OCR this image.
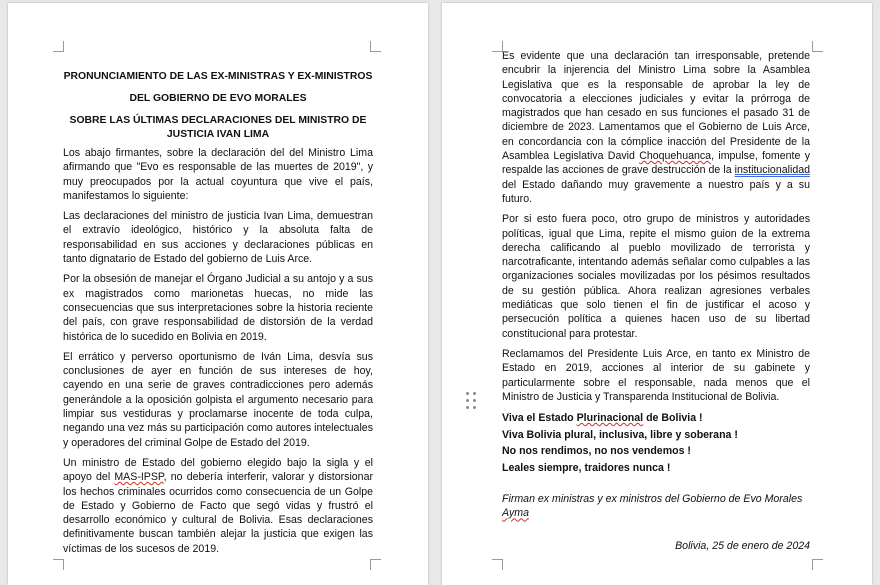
PRONUNCIAMIENTO DE LAS EX-MINISTRAS Y EX-MINISTROS
DEL GOBIERNO DE EVO MORALES
SOBRE LAS ÚLTIMAS DECLARACIONES DEL MINISTRO DE JUSTICIA IVAN LIMA

Los abajo firmantes, sobre la declaración del del Ministro Lima afirmando que "Evo es responsable de las muertes de 2019", y muy preocupados por la actual coyuntura que vive el país, manifestamos lo siguiente:

Las declaraciones del ministro de justicia Ivan Lima, demuestran el extravío ideológico, histórico y la absoluta falta de responsabilidad en sus acciones y declaraciones públicas en tanto dignatario de Estado del gobierno de Luis Arce.

Por la obsesión de manejar el Órgano Judicial a su antojo y a sus ex magistrados como marionetas huecas, no mide las consecuencias que sus interpretaciones sobre la historia reciente del país, con grave responsabilidad de distorsión de la verdad histórica de lo sucedido en Bolivia en 2019.

El errático y perverso oportunismo de Iván Lima, desvía sus conclusiones de ayer en función de sus intereses de hoy, cayendo en una serie de graves contradicciones pero además generándole a la oposición golpista el argumento necesario para limpiar sus vestiduras y proclamarse inocente de toda culpa, negando una vez más su participación como autores intelectuales y operadores del criminal Golpe de Estado del 2019.

Un ministro de Estado del gobierno elegido bajo la sigla y el apoyo del MAS-IPSP, no debería interferir, valorar y distorsionar los hechos criminales ocurridos como consecuencia de un Golpe de Estado y Gobierno de Facto que segó vidas y frustró el desarrollo económico y cultural de Bolivia. Esas declaraciones definitivamente buscan también alejar la justicia que exigen las víctimas de los sucesos de 2019.

Es evidente que una declaración tan irresponsable, pretende encubrir la injerencia del Ministro Lima sobre la Asamblea Legislativa que es la responsable de aprobar la ley de convocatoria a elecciones judiciales y evitar la prórroga de magistrados que han cesado en sus funciones el pasado 31 de diciembre de 2023. Lamentamos que el Gobierno de Luis Arce, en concordancia con la cómplice inacción del Presidente de la Asamblea Legislativa David Choquehuanca, impulse, fomente y respalde las acciones de grave destrucción de la institucionalidad del Estado dañando muy gravemente a nuestro país y a su futuro.

Por si esto fuera poco, otro grupo de ministros y autoridades políticas, igual que Lima, repite el mismo guion de la extrema derecha calificando al pueblo movilizado de terrorista y narcotraficante, intentando además señalar como culpables a las organizaciones sociales movilizadas por los pésimos resultados de su gestión pública. Ahora realizan agresiones verbales mediáticas que solo tienen el fin de justificar el acoso y persecución política a quienes hacen uso de su libertad constitucional para protestar.

Reclamamos del Presidente Luis Arce, en tanto ex Ministro de Estado en 2019, acciones al interior de su gabinete y particularmente sobre el responsable, nada menos que el Ministro de Justicia y Transparenda Institucional de Bolivia.

Viva el Estado Plurinacional de Bolivia !

Viva Bolivia plural, inclusiva, libre y soberana !

No nos rendimos, no nos vendemos !

Leales siempre, traidores nunca !

Firman ex ministras y ex ministros del Gobierno de Evo Morales
Ayma
Bolivia, 25 de enero de 2024
